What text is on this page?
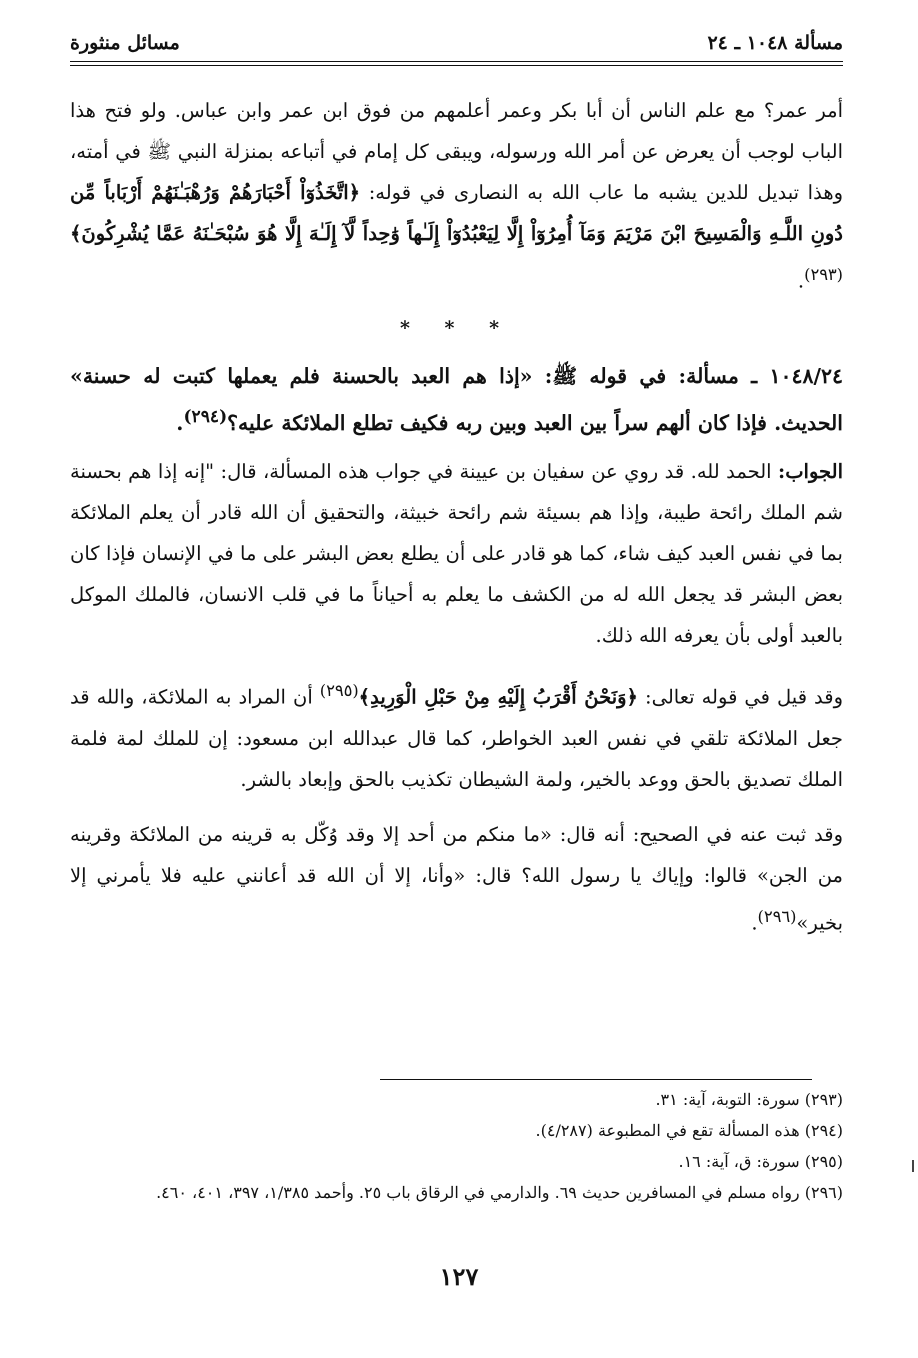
مسألة ١٠٤٨ ـ ٢٤
مسائل منثورة

أمر عمر؟ مع علم الناس أن أبا بكر وعمر أعلمهم من فوق ابن عمر وابن عباس. ولو فتح هذا الباب لوجب أن يعرض عن أمر الله ورسوله، ويبقى كل إمام في أتباعه بمنزلة النبي ﷺ في أمته، وهذا تبديل للدين يشبه ما عاب الله به النصارى في قوله: ﴿اتَّخَذُوٓاْ أَحْبَارَهُمْ وَرُهْبَـٰنَهُمْ أَرْبَاباً مِّن دُونِ اللَّـهِ وَالْمَسِيحَ ابْنَ مَرْيَمَ وَمَآ أُمِرُوٓاْ إِلَّا لِيَعْبُدُوٓاْ إِلَـٰهاً وَ‌ٰحِداً لَّآ إِلَـٰهَ إِلَّا هُوَ سُبْحَـٰنَهُ عَمَّا يُشْرِكُونَ﴾$^{(٢٩٣)}$.

* * *

١٠٤٨/٢٤ ـ مسألة: في قوله ﷺ: «إذا هم العبد بالحسنة فلم يعملها كتبت له حسنة» الحديث. فإذا كان ألهم سراً بين العبد وبين ربه فكيف تطلع الملائكة عليه؟$^{(٢٩٤)}$.

الجواب: الحمد لله. قد روي عن سفيان بن عيينة في جواب هذه المسألة، قال: "إنه إذا هم بحسنة شم الملك رائحة طيبة، وإذا هم بسيئة شم رائحة خبيثة، والتحقيق أن الله قادر أن يعلم الملائكة بما في نفس العبد كيف شاء، كما هو قادر على أن يطلع بعض البشر على ما في الإنسان فإذا كان بعض البشر قد يجعل الله له من الكشف ما يعلم به أحياناً ما في قلب الانسان، فالملك الموكل بالعبد أولى بأن يعرفه الله ذلك.

وقد قيل في قوله تعالى: ﴿وَنَحْنُ أَقْرَبُ إِلَيْهِ مِنْ حَبْلِ الْوَرِيدِ﴾$^{(٢٩٥)}$ أن المراد به الملائكة، والله قد جعل الملائكة تلقي في نفس العبد الخواطر، كما قال عبدالله ابن مسعود: إن للملك لمة فلمة الملك تصديق بالحق ووعد بالخير، ولمة الشيطان تكذيب بالحق وإبعاد بالشر.

وقد ثبت عنه في الصحيح: أنه قال: «ما منكم من أحد إلا وقد وُكّل به قرينه من الملائكة وقرينه من الجن» قالوا: وإياك يا رسول الله؟ قال: «وأنا، إلا أن الله قد أعانني عليه فلا يأمرني إلا بخير»$^{(٢٩٦)}$.

(٢٩٣) سورة: التوبة، آية: ٣١.
(٢٩٤) هذه المسألة تقع في المطبوعة (٤/٢٨٧).
(٢٩٥) سورة: ق، آية: ١٦.
(٢٩٦) رواه مسلم في المسافرين حديث ٦٩. والدارمي في الرقاق باب ٢٥. وأحمد ١/٣٨٥، ٣٩٧، ٤٠١، ٤٦٠.
١٢٧
